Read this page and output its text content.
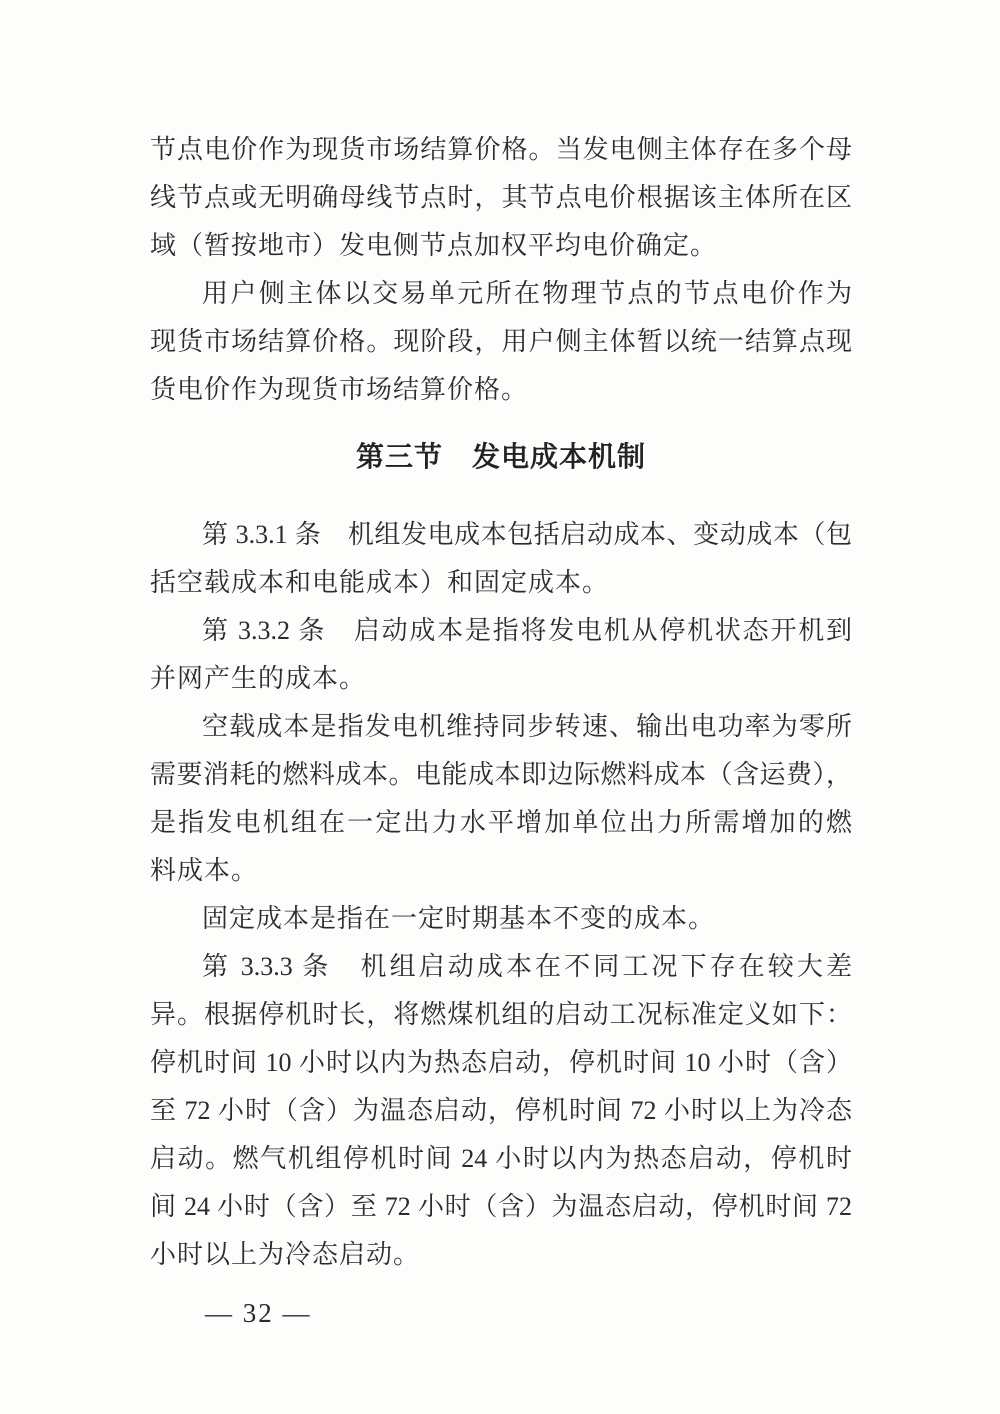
节点电价作为现货市场结算价格。当发电侧主体存在多个母
线节点或无明确母线节点时，其节点电价根据该主体所在区
域（暂按地市）发电侧节点加权平均电价确定。
用户侧主体以交易单元所在物理节点的节点电价作为
现货市场结算价格。现阶段，用户侧主体暂以统一结算点现
货电价作为现货市场结算价格。
第三节　发电成本机制
第 3.3.1 条　机组发电成本包括启动成本、变动成本（包
括空载成本和电能成本）和固定成本。
第 3.3.2 条　启动成本是指将发电机从停机状态开机到
并网产生的成本。
空载成本是指发电机维持同步转速、输出电功率为零所
需要消耗的燃料成本。电能成本即边际燃料成本（含运费），
是指发电机组在一定出力水平增加单位出力所需增加的燃
料成本。
固定成本是指在一定时期基本不变的成本。
第 3.3.3 条　机组启动成本在不同工况下存在较大差
异。根据停机时长，将燃煤机组的启动工况标准定义如下：
停机时间 10 小时以内为热态启动，停机时间 10 小时（含）
至 72 小时（含）为温态启动，停机时间 72 小时以上为冷态
启动。燃气机组停机时间 24 小时以内为热态启动，停机时
间 24 小时（含）至 72 小时（含）为温态启动，停机时间 72
小时以上为冷态启动。
— 32 —
